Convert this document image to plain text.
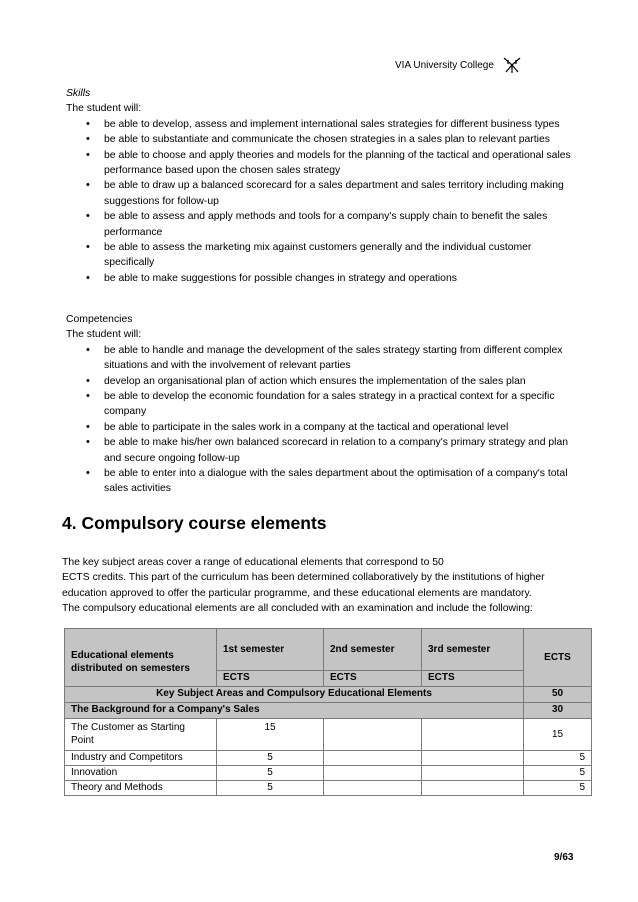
VIA University College
Skills
The student will:
• be able to develop, assess and implement international sales strategies for different business types
• be able to substantiate and communicate the chosen strategies in a sales plan to relevant parties
• be able to choose and apply theories and models for the planning of the tactical and operational sales performance based upon the chosen sales strategy
• be able to draw up a balanced scorecard for a sales department and sales territory including making suggestions for follow-up
• be able to assess and apply methods and tools for a company's supply chain to benefit the sales performance
• be able to assess the marketing mix against customers generally and the individual customer specifically
• be able to make suggestions for possible changes in strategy and operations
Competencies
The student will:
• be able to handle and manage the development of the sales strategy starting from different complex situations and with the involvement of relevant parties
• develop an organisational plan of action which ensures the implementation of the sales plan
• be able to develop the economic foundation for a sales strategy in a practical context for a specific company
• be able to participate in the sales work in a company at the tactical and operational level
• be able to make his/her own balanced scorecard in relation to a company's primary strategy and plan and secure ongoing follow-up
• be able to enter into a dialogue with the sales department about the optimisation of a company's total sales activities
4. Compulsory course elements

The key subject areas cover a range of educational elements that correspond to 50

ECTS credits. This part of the curriculum has been determined collaboratively by the institutions of higher

education approved to offer the particular programme, and these educational elements are mandatory.

The compulsory educational elements are all concluded with an examination and include the following:

Educational elements distributed on semesters	1st semester	2nd semester	3rd semester	ECTS
	ECTS	ECTS	ECTS	
Key Subject Areas and Compulsory Educational Elements				50
The Background for a Company's Sales				30
The Customer as Starting Point	15			15
Industry and Competitors	5			5
Innovation	5			5
Theory and Methods	5			5
9/63
